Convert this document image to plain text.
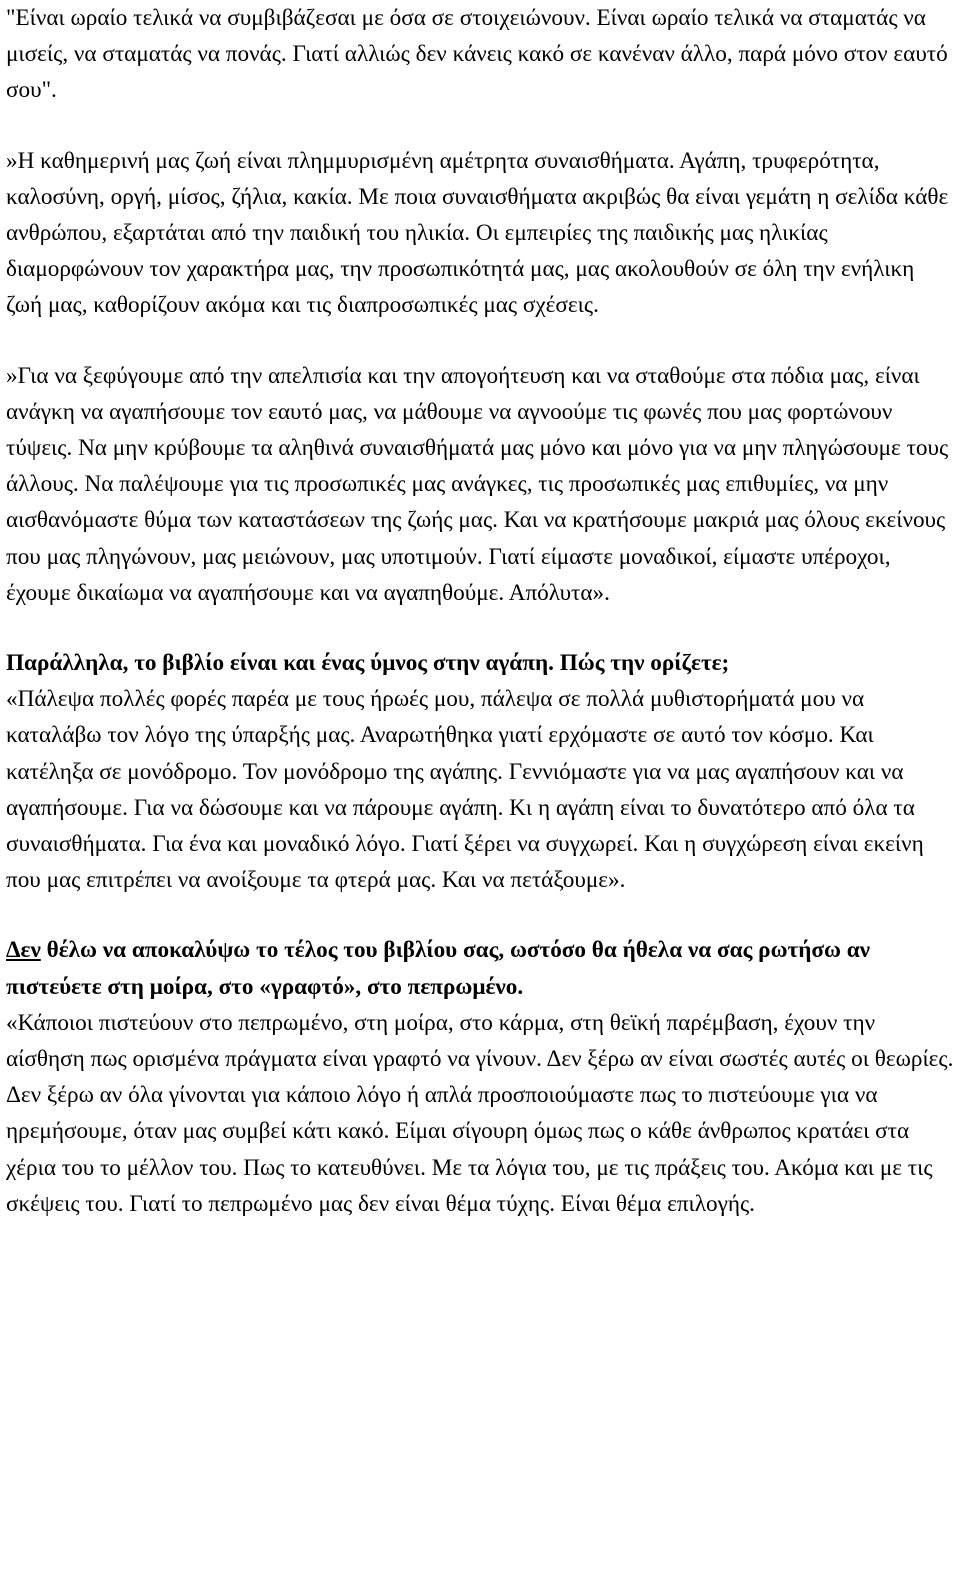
"Είναι ωραίο τελικά να συμβιβάζεσαι με όσα σε στοιχειώνουν. Είναι ωραίο τελικά να σταματάς να μισείς, να σταματάς να πονάς. Γιατί αλλιώς δεν κάνεις κακό σε κανέναν άλλο, παρά μόνο στον εαυτό σου".

»Η καθημερινή μας ζωή είναι πλημμυρισμένη αμέτρητα συναισθήματα. Αγάπη, τρυφερότητα, καλοσύνη, οργή, μίσος, ζήλια, κακία. Με ποια συναισθήματα ακριβώς θα είναι γεμάτη η σελίδα κάθε ανθρώπου, εξαρτάται από την παιδική του ηλικία. Οι εμπειρίες της παιδικής μας ηλικίας διαμορφώνουν τον χαρακτήρα μας, την προσωπικότητά μας, μας ακολουθούν σε όλη την ενήλικη ζωή μας, καθορίζουν ακόμα και τις διαπροσωπικές μας σχέσεις.

»Για να ξεφύγουμε από την απελπισία και την απογοήτευση και να σταθούμε στα πόδια μας, είναι ανάγκη να αγαπήσουμε τον εαυτό μας, να μάθουμε να αγνοούμε τις φωνές που μας φορτώνουν τύψεις. Να μην κρύβουμε τα αληθινά συναισθήματά μας μόνο και μόνο για να μην πληγώσουμε τους άλλους. Να παλέψουμε για τις προσωπικές μας ανάγκες, τις προσωπικές μας επιθυμίες, να μην αισθανόμαστε θύμα των καταστάσεων της ζωής μας. Και να κρατήσουμε μακριά μας όλους εκείνους που μας πληγώνουν, μας μειώνουν, μας υποτιμούν. Γιατί είμαστε μοναδικοί, είμαστε υπέροχοι, έχουμε δικαίωμα να αγαπήσουμε και να αγαπηθούμε. Απόλυτα».

Παράλληλα, το βιβλίο είναι και ένας ύμνος στην αγάπη. Πώς την ορίζετε;
«Πάλεψα πολλές φορές παρέα με τους ήρωές μου, πάλεψα σε πολλά μυθιστορήματά μου να καταλάβω τον λόγο της ύπαρξής μας. Αναρωτήθηκα γιατί ερχόμαστε σε αυτό τον κόσμο. Και κατέληξα σε μονόδρομο. Τον μονόδρομο της αγάπης. Γεννιόμαστε για να μας αγαπήσουν και να αγαπήσουμε. Για να δώσουμε και να πάρουμε αγάπη. Κι η αγάπη είναι το δυνατότερο από όλα τα συναισθήματα. Για ένα και μοναδικό λόγο. Γιατί ξέρει να συγχωρεί. Και η συγχώρεση είναι εκείνη που μας επιτρέπει να ανοίξουμε τα φτερά μας. Και να πετάξουμε».

Δεν θέλω να αποκαλύψω το τέλος του βιβλίου σας, ωστόσο θα ήθελα να σας ρωτήσω αν πιστεύετε στη μοίρα, στο «γραφτό», στο πεπρωμένο.
«Κάποιοι πιστεύουν στο πεπρωμένο, στη μοίρα, στο κάρμα, στη θεϊκή παρέμβαση, έχουν την αίσθηση πως ορισμένα πράγματα είναι γραφτό να γίνουν. Δεν ξέρω αν είναι σωστές αυτές οι θεωρίες. Δεν ξέρω αν όλα γίνονται για κάποιο λόγο ή απλά προσποιούμαστε πως το πιστεύουμε για να ηρεμήσουμε, όταν μας συμβεί κάτι κακό. Είμαι σίγουρη όμως πως ο κάθε άνθρωπος κρατάει στα χέρια του το μέλλον του. Πως το κατευθύνει. Με τα λόγια του, με τις πράξεις του. Ακόμα και με τις σκέψεις του. Γιατί το πεπρωμένο μας δεν είναι θέμα τύχης. Είναι θέμα επιλογής.
